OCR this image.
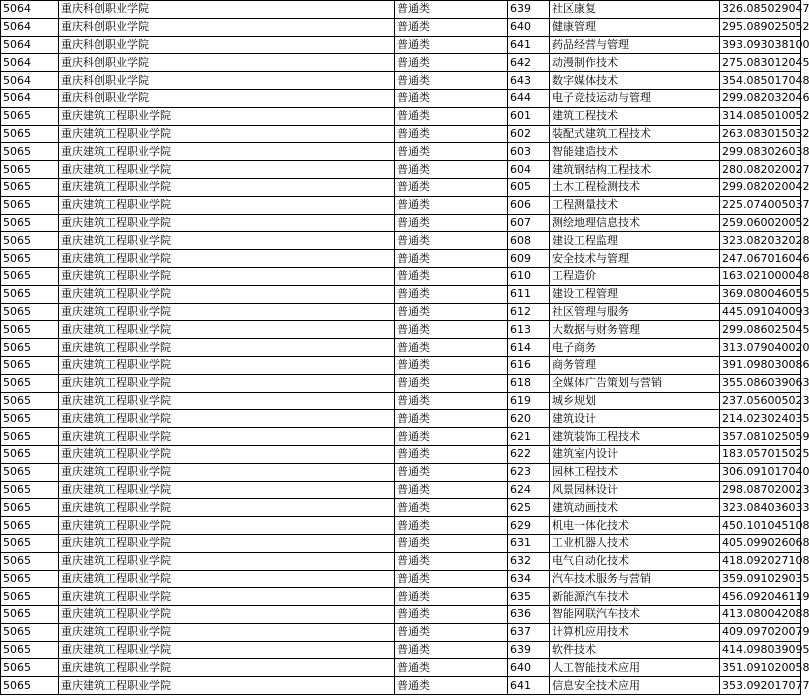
5064	重庆科创职业学院	普通类	639	社区康复	326.085029047
5064	重庆科创职业学院	普通类	640	健康管理	295.089025052
5064	重庆科创职业学院	普通类	641	药品经营与管理	393.093038100
5064	重庆科创职业学院	普通类	642	动漫制作技术	275.083012045
5064	重庆科创职业学院	普通类	643	数字媒体技术	354.085017048
5064	重庆科创职业学院	普通类	644	电子竞技运动与管理	299.082032046
5065	重庆建筑工程职业学院	普通类	601	建筑工程技术	314.085010052
5065	重庆建筑工程职业学院	普通类	602	装配式建筑工程技术	263.083015032
5065	重庆建筑工程职业学院	普通类	603	智能建造技术	299.083026038
5065	重庆建筑工程职业学院	普通类	604	建筑钢结构工程技术	280.082020027
5065	重庆建筑工程职业学院	普通类	605	土木工程检测技术	299.082020042
5065	重庆建筑工程职业学院	普通类	606	工程测量技术	225.074005037
5065	重庆建筑工程职业学院	普通类	607	测绘地理信息技术	259.060020052
5065	重庆建筑工程职业学院	普通类	608	建设工程监理	323.082032028
5065	重庆建筑工程职业学院	普通类	609	安全技术与管理	247.067016046
5065	重庆建筑工程职业学院	普通类	610	工程造价	163.021000048
5065	重庆建筑工程职业学院	普通类	611	建设工程管理	369.080046055
5065	重庆建筑工程职业学院	普通类	612	社区管理与服务	445.091040093
5065	重庆建筑工程职业学院	普通类	613	大数据与财务管理	299.086025045
5065	重庆建筑工程职业学院	普通类	614	电子商务	313.079040020
5065	重庆建筑工程职业学院	普通类	616	商务管理	391.098030086
5065	重庆建筑工程职业学院	普通类	618	全媒体广告策划与营销	355.086039063
5065	重庆建筑工程职业学院	普通类	619	城乡规划	237.056005023
5065	重庆建筑工程职业学院	普通类	620	建筑设计	214.023024035
5065	重庆建筑工程职业学院	普通类	621	建筑装饰工程技术	357.081025059
5065	重庆建筑工程职业学院	普通类	622	建筑室内设计	183.057015025
5065	重庆建筑工程职业学院	普通类	623	园林工程技术	306.091017040
5065	重庆建筑工程职业学院	普通类	624	风景园林设计	298.087020023
5065	重庆建筑工程职业学院	普通类	625	建筑动画技术	323.084036033
5065	重庆建筑工程职业学院	普通类	629	机电一体化技术	450.101045108
5065	重庆建筑工程职业学院	普通类	631	工业机器人技术	405.099026068
5065	重庆建筑工程职业学院	普通类	632	电气自动化技术	418.092027108
5065	重庆建筑工程职业学院	普通类	634	汽车技术服务与营销	359.091029035
5065	重庆建筑工程职业学院	普通类	635	新能源汽车技术	456.092046119
5065	重庆建筑工程职业学院	普通类	636	智能网联汽车技术	413.080042088
5065	重庆建筑工程职业学院	普通类	637	计算机应用技术	409.097020079
5065	重庆建筑工程职业学院	普通类	639	软件技术	414.098039095
5065	重庆建筑工程职业学院	普通类	640	人工智能技术应用	351.091020058
5065	重庆建筑工程职业学院	普通类	641	信息安全技术应用	353.092017077
